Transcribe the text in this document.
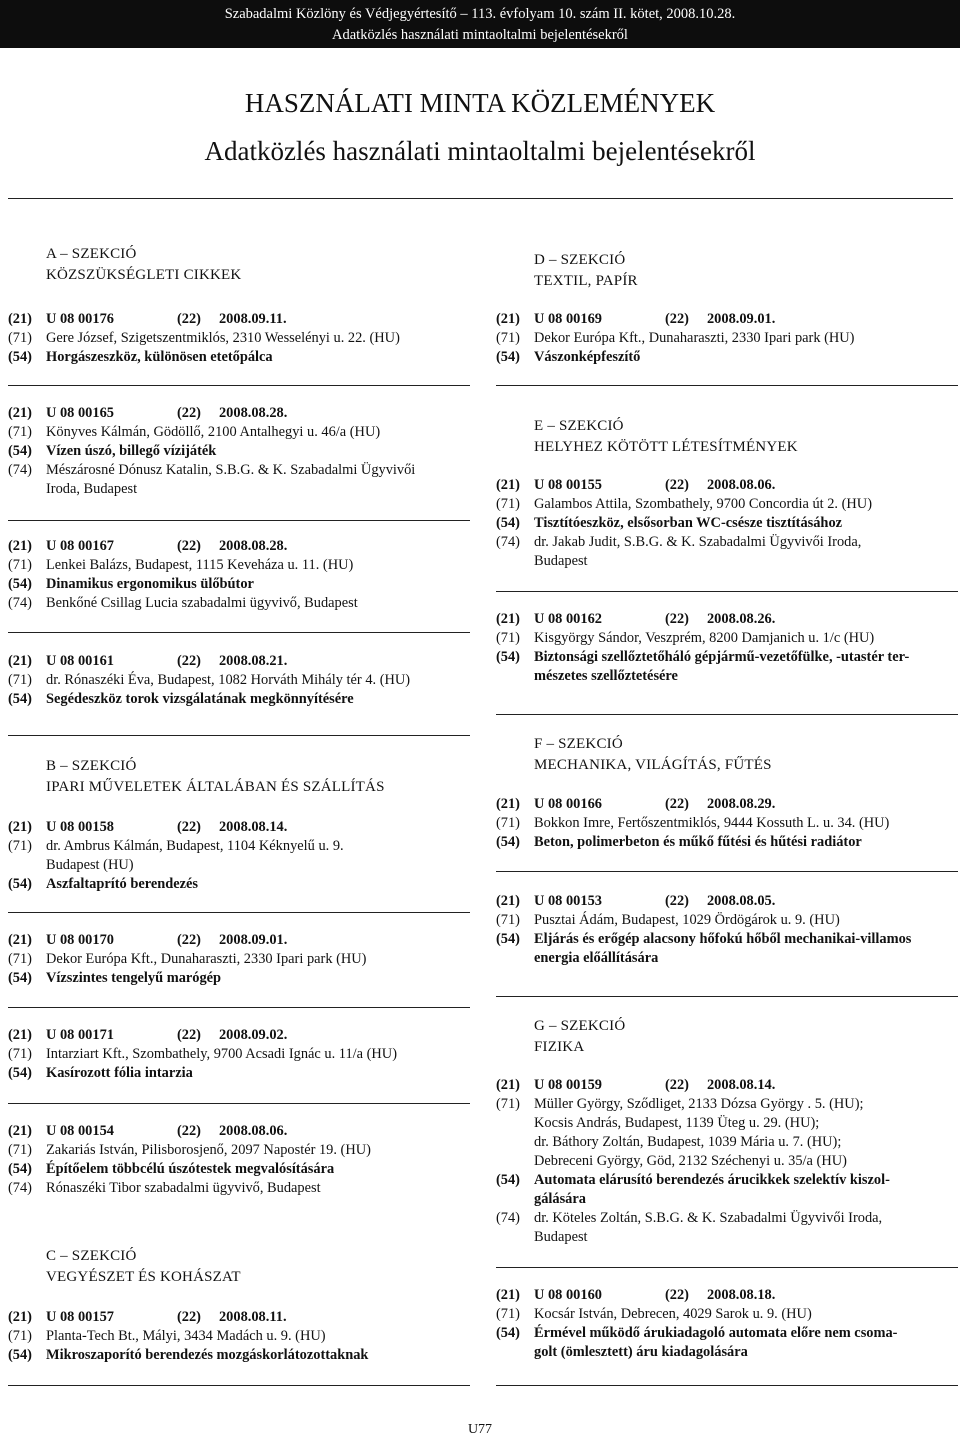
Szabadalmi Közlöny és Védjegyértesítő – 113. évfolyam 10. szám II. kötet, 2008.10.28.
Adatközlés használati mintaoltalmi bejelentésekről
HASZNÁLATI MINTA KÖZLEMÉNYEK
Adatközlés használati mintaoltalmi bejelentésekről
A – SZEKCIÓ
KÖZSZÜKSÉGLETI CIKKEK
D – SZEKCIÓ
TEXTIL, PAPÍR
E – SZEKCIÓ
HELYHEZ KÖTÖTT LÉTESÍTMÉNYEK
B – SZEKCIÓ
IPARI MŰVELETEK ÁLTALÁBAN ÉS SZÁLLÍTÁS
F – SZEKCIÓ
MECHANIKA, VILÁGÍTÁS, FŰTÉS
G – SZEKCIÓ
FIZIKA
C – SZEKCIÓ
VEGYÉSZET ÉS KOHÁSZAT
(21) U 08 00176	(22) 2008.09.11.
(71) Gere József, Szigetszentmiklós, 2310 Wesselényi u. 22. (HU)
(54) Horgászeszköz, különösen etetőpálca
(21) U 08 00165	(22) 2008.08.28.
(71) Könyves Kálmán, Gödöllő, 2100 Antalhegyi u. 46/a (HU)
(54) Vízen úszó, billegő vízijáték
(74) Mészárosné Dónusz Katalin, S.B.G. & K. Szabadalmi Ügyvivői
Iroda, Budapest
(21) U 08 00167	(22) 2008.08.28.
(71) Lenkei Balázs, Budapest, 1115 Keveháza u. 11. (HU)
(54) Dinamikus ergonomikus ülőbútor
(74) Benkőné Csillag Lucia szabadalmi ügyvivő, Budapest
(21) U 08 00161	(22) 2008.08.21.
(71) dr. Rónaszéki Éva, Budapest, 1082 Horváth Mihály tér 4. (HU)
(54) Segédeszköz torok vizsgálatának megkönnyítésére
(21) U 08 00158	(22) 2008.08.14.
(71) dr. Ambrus Kálmán, Budapest, 1104 Kéknyelű u. 9.
Budapest (HU)
(54) Aszfaltaprító berendezés
(21) U 08 00170	(22) 2008.09.01.
(71) Dekor Európa Kft., Dunaharaszti, 2330 Ipari park (HU)
(54) Vízszintes tengelyű marógép
(21) U 08 00171	(22) 2008.09.02.
(71) Intarziart Kft., Szombathely, 9700 Acsadi Ignác u. 11/a (HU)
(54) Kasírozott fólia intarzia
(21) U 08 00154	(22) 2008.08.06.
(71) Zakariás István, Pilisborosjenő, 2097 Napostér 19. (HU)
(54) Építőelem többcélú úszótestek megvalósítására
(74) Rónaszéki Tibor szabadalmi ügyvivő, Budapest
(21) U 08 00157	(22) 2008.08.11.
(71) Planta-Tech Bt., Mályi, 3434 Madách u. 9. (HU)
(54) Mikroszaporító berendezés mozgáskorlátozottaknak
(21) U 08 00169	(22) 2008.09.01.
(71) Dekor Európa Kft., Dunaharaszti, 2330 Ipari park (HU)
(54) Vászonképfeszítő
(21) U 08 00155	(22) 2008.08.06.
(71) Galambos Attila, Szombathely, 9700 Concordia út 2. (HU)
(54) Tisztítóeszköz, elsősorban WC-csésze tisztításához
(74) dr. Jakab Judit, S.B.G. & K. Szabadalmi Ügyvivői Iroda,
Budapest
(21) U 08 00162	(22) 2008.08.26.
(71) Kisgyörgy Sándor, Veszprém, 8200 Damjanich u. 1/c (HU)
(54) Biztonsági szellőztetőháló gépjármű-vezetőfülke, -utastér ter-
mészetes szellőztetésére
(21) U 08 00166	(22) 2008.08.29.
(71) Bokkon Imre, Fertőszentmiklós, 9444 Kossuth L. u. 34. (HU)
(54) Beton, polimerbeton és műkő fűtési és hűtési radiátor
(21) U 08 00153	(22) 2008.08.05.
(71) Pusztai Ádám, Budapest, 1029 Ördögárok u. 9. (HU)
(54) Eljárás és erőgép alacsony hőfokú hőből mechanikai-villamos
energia előállítására
(21) U 08 00159	(22) 2008.08.14.
(71) Müller György, Sződliget, 2133 Dózsa György . 5. (HU);
Kocsis András, Budapest, 1139 Üteg u. 29. (HU);
dr. Báthory Zoltán, Budapest, 1039 Mária u. 7. (HU);
Debreceni György, Göd, 2132 Széchenyi u. 35/a (HU)
(54) Automata elárusító berendezés árucikkek szelektív kiszol-
gálására
(74) dr. Köteles Zoltán, S.B.G. & K. Szabadalmi Ügyvivői Iroda,
Budapest
(21) U 08 00160	(22) 2008.08.18.
(71) Kocsár István, Debrecen, 4029 Sarok u. 9. (HU)
(54) Érmével működő árukiadagoló automata előre nem csoma-
golt (ömlesztett) áru kiadagolására
U77
